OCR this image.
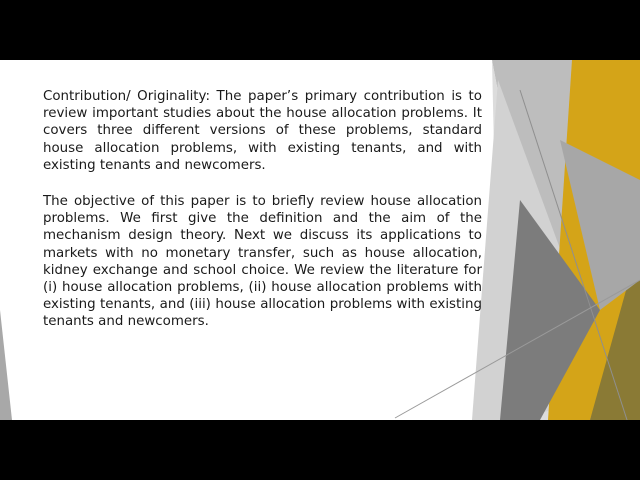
Contribution/ Originality: The paper’s primary contribution is to review important studies about the house allocation problems. It covers three different versions of these problems, standard house allocation problems, with existing tenants, and with existing tenants and newcomers.

The objective of this paper is to briefly review house allocation problems. We first give the definition and the aim of the mechanism design theory. Next we discuss its applications to markets with no monetary transfer, such as house allocation, kidney exchange and school choice. We review the literature for (i) house allocation problems, (ii) house allocation problems with existing tenants, and (iii) house allocation problems with existing tenants and newcomers.
